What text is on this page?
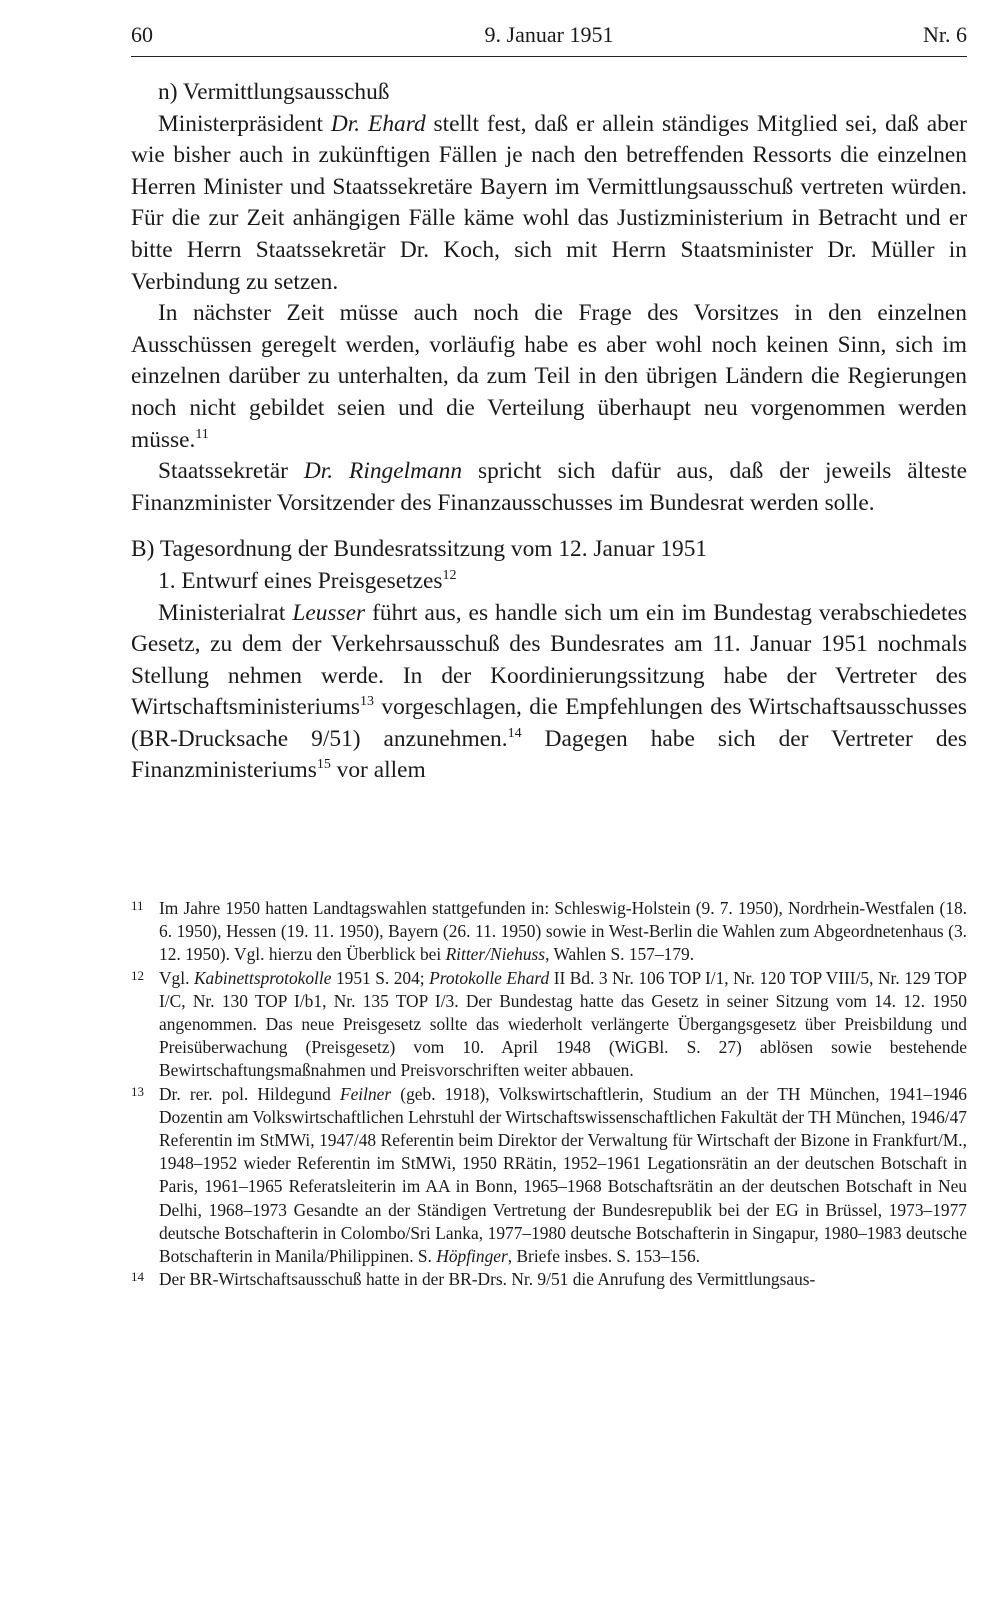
60	9. Januar 1951	Nr. 6

n) Vermittlungsausschuß

Ministerpräsident Dr. Ehard stellt fest, daß er allein ständiges Mitglied sei, daß aber wie bisher auch in zukünftigen Fällen je nach den betreffenden Ressorts die einzelnen Herren Minister und Staatssekretäre Bayern im Vermittlungsausschuß vertreten würden. Für die zur Zeit anhängigen Fälle käme wohl das Justizministerium in Betracht und er bitte Herrn Staatssekretär Dr. Koch, sich mit Herrn Staatsminister Dr. Müller in Verbindung zu setzen.

In nächster Zeit müsse auch noch die Frage des Vorsitzes in den einzelnen Ausschüssen geregelt werden, vorläufig habe es aber wohl noch keinen Sinn, sich im einzelnen darüber zu unterhalten, da zum Teil in den übrigen Ländern die Regierungen noch nicht gebildet seien und die Verteilung überhaupt neu vorgenommen werden müsse.$^{11}$

Staatssekretär Dr. Ringelmann spricht sich dafür aus, daß der jeweils älteste Finanzminister Vorsitzender des Finanzausschusses im Bundesrat werden solle.

B) Tagesordnung der Bundesratssitzung vom 12. Januar 1951

1. Entwurf eines Preisgesetzes$^{12}$

Ministerialrat Leusser führt aus, es handle sich um ein im Bundestag verabschiedetes Gesetz, zu dem der Verkehrsausschuß des Bundesrates am 11. Januar 1951 nochmals Stellung nehmen werde. In der Koordinierungssitzung habe der Vertreter des Wirtschaftsministeriums$^{13}$ vorgeschlagen, die Empfehlungen des Wirtschaftsausschusses (BR-Drucksache 9/51) anzunehmen.$^{14}$ Dagegen habe sich der Vertreter des Finanzministeriums$^{15}$ vor allem

11 Im Jahre 1950 hatten Landtagswahlen stattgefunden in: Schleswig-Holstein (9. 7. 1950), Nordrhein-Westfalen (18. 6. 1950), Hessen (19. 11. 1950), Bayern (26. 11. 1950) sowie in West-Berlin die Wahlen zum Abgeordnetenhaus (3. 12. 1950). Vgl. hierzu den Überblick bei Ritter/Niehuss, Wahlen S. 157–179.
12 Vgl. Kabinettsprotokolle 1951 S. 204; Protokolle Ehard II Bd. 3 Nr. 106 TOP I/1, Nr. 120 TOP VIII/5, Nr. 129 TOP I/C, Nr. 130 TOP I/b1, Nr. 135 TOP I/3. Der Bundestag hatte das Gesetz in seiner Sitzung vom 14. 12. 1950 angenommen. Das neue Preisgesetz sollte das wiederholt verlängerte Übergangsgesetz über Preisbildung und Preisüberwachung (Preisgesetz) vom 10. April 1948 (WiGBl. S. 27) ablösen sowie bestehende Bewirtschaftungsmaßnahmen und Preisvorschriften weiter abbauen.
13 Dr. rer. pol. Hildegund Feilner (geb. 1918), Volkswirtschaftlerin, Studium an der TH München, 1941–1946 Dozentin am Volkswirtschaftlichen Lehrstuhl der Wirtschaftswissenschaftlichen Fakultät der TH München, 1946/47 Referentin im StMWi, 1947/48 Referentin beim Direktor der Verwaltung für Wirtschaft der Bizone in Frankfurt/M., 1948–1952 wieder Referentin im StMWi, 1950 RRätin, 1952–1961 Legationsrätin an der deutschen Botschaft in Paris, 1961–1965 Referatsleiterin im AA in Bonn, 1965–1968 Botschaftsrätin an der deutschen Botschaft in Neu Delhi, 1968–1973 Gesandte an der Ständigen Vertretung der Bundesrepublik bei der EG in Brüssel, 1973–1977 deutsche Botschafterin in Colombo/Sri Lanka, 1977–1980 deutsche Botschafterin in Singapur, 1980–1983 deutsche Botschafterin in Manila/Philippinen. S. Höpfinger, Briefe insbes. S. 153–156.
14 Der BR-Wirtschaftsausschuß hatte in der BR-Drs. Nr. 9/51 die Anrufung des Vermittlungsaus-
